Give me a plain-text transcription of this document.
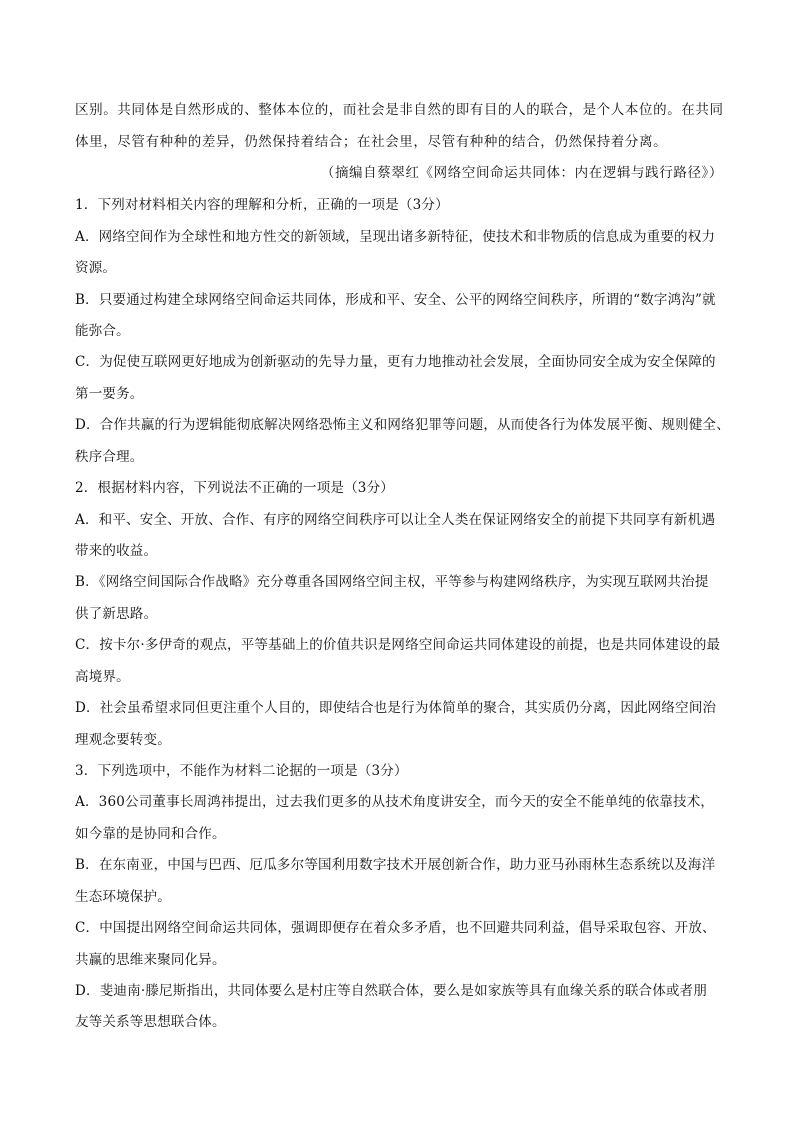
区别。共同体是自然形成的、整体本位的，而社会是非自然的即有目的人的联合，是个人本位的。在共同
体里，尽管有种种的差异，仍然保持着结合；在社会里，尽管有种种的结合，仍然保持着分离。
（摘编自蔡翠红《网络空间命运共同体：内在逻辑与践行路径》）
1．下列对材料相关内容的理解和分析，正确的一项是（3分）
A．网络空间作为全球性和地方性交的新领域，呈现出诸多新特征，使技术和非物质的信息成为重要的权力
资源。
B．只要通过构建全球网络空间命运共同体，形成和平、安全、公平的网络空间秩序，所谓的“数字鸿沟”就
能弥合。
C．为促使互联网更好地成为创新驱动的先导力量，更有力地推动社会发展，全面协同安全成为安全保障的
第一要务。
D．合作共赢的行为逻辑能彻底解决网络恐怖主义和网络犯罪等问题，从而使各行为体发展平衡、规则健全、
秩序合理。
2．根据材料内容，下列说法不正确的一项是（3分）
A．和平、安全、开放、合作、有序的网络空间秩序可以让全人类在保证网络安全的前提下共同享有新机遇
带来的收益。
B．《网络空间国际合作战略》充分尊重各国网络空间主权，平等参与构建网络秩序，为实现互联网共治提
供了新思路。
C．按卡尔·多伊奇的观点，平等基础上的价值共识是网络空间命运共同体建设的前提，也是共同体建设的最
高境界。
D．社会虽希望求同但更注重个人目的，即使结合也是行为体简单的聚合，其实质仍分离，因此网络空间治
理观念要转变。
3．下列选项中，不能作为材料二论据的一项是（3分）
A．360公司董事长周鸿祎提出，过去我们更多的从技术角度讲安全，而今天的安全不能单纯的依靠技术，
如今靠的是协同和合作。
B．在东南亚，中国与巴西、厄瓜多尔等国利用数字技术开展创新合作，助力亚马孙雨林生态系统以及海洋
生态环境保护。
C．中国提出网络空间命运共同体，强调即便存在着众多矛盾，也不回避共同利益，倡导采取包容、开放、
共赢的思维来聚同化异。
D．斐迪南·滕尼斯指出，共同体要么是村庄等自然联合体，要么是如家族等具有血缘关系的联合体或者朋
友等关系等思想联合体。
